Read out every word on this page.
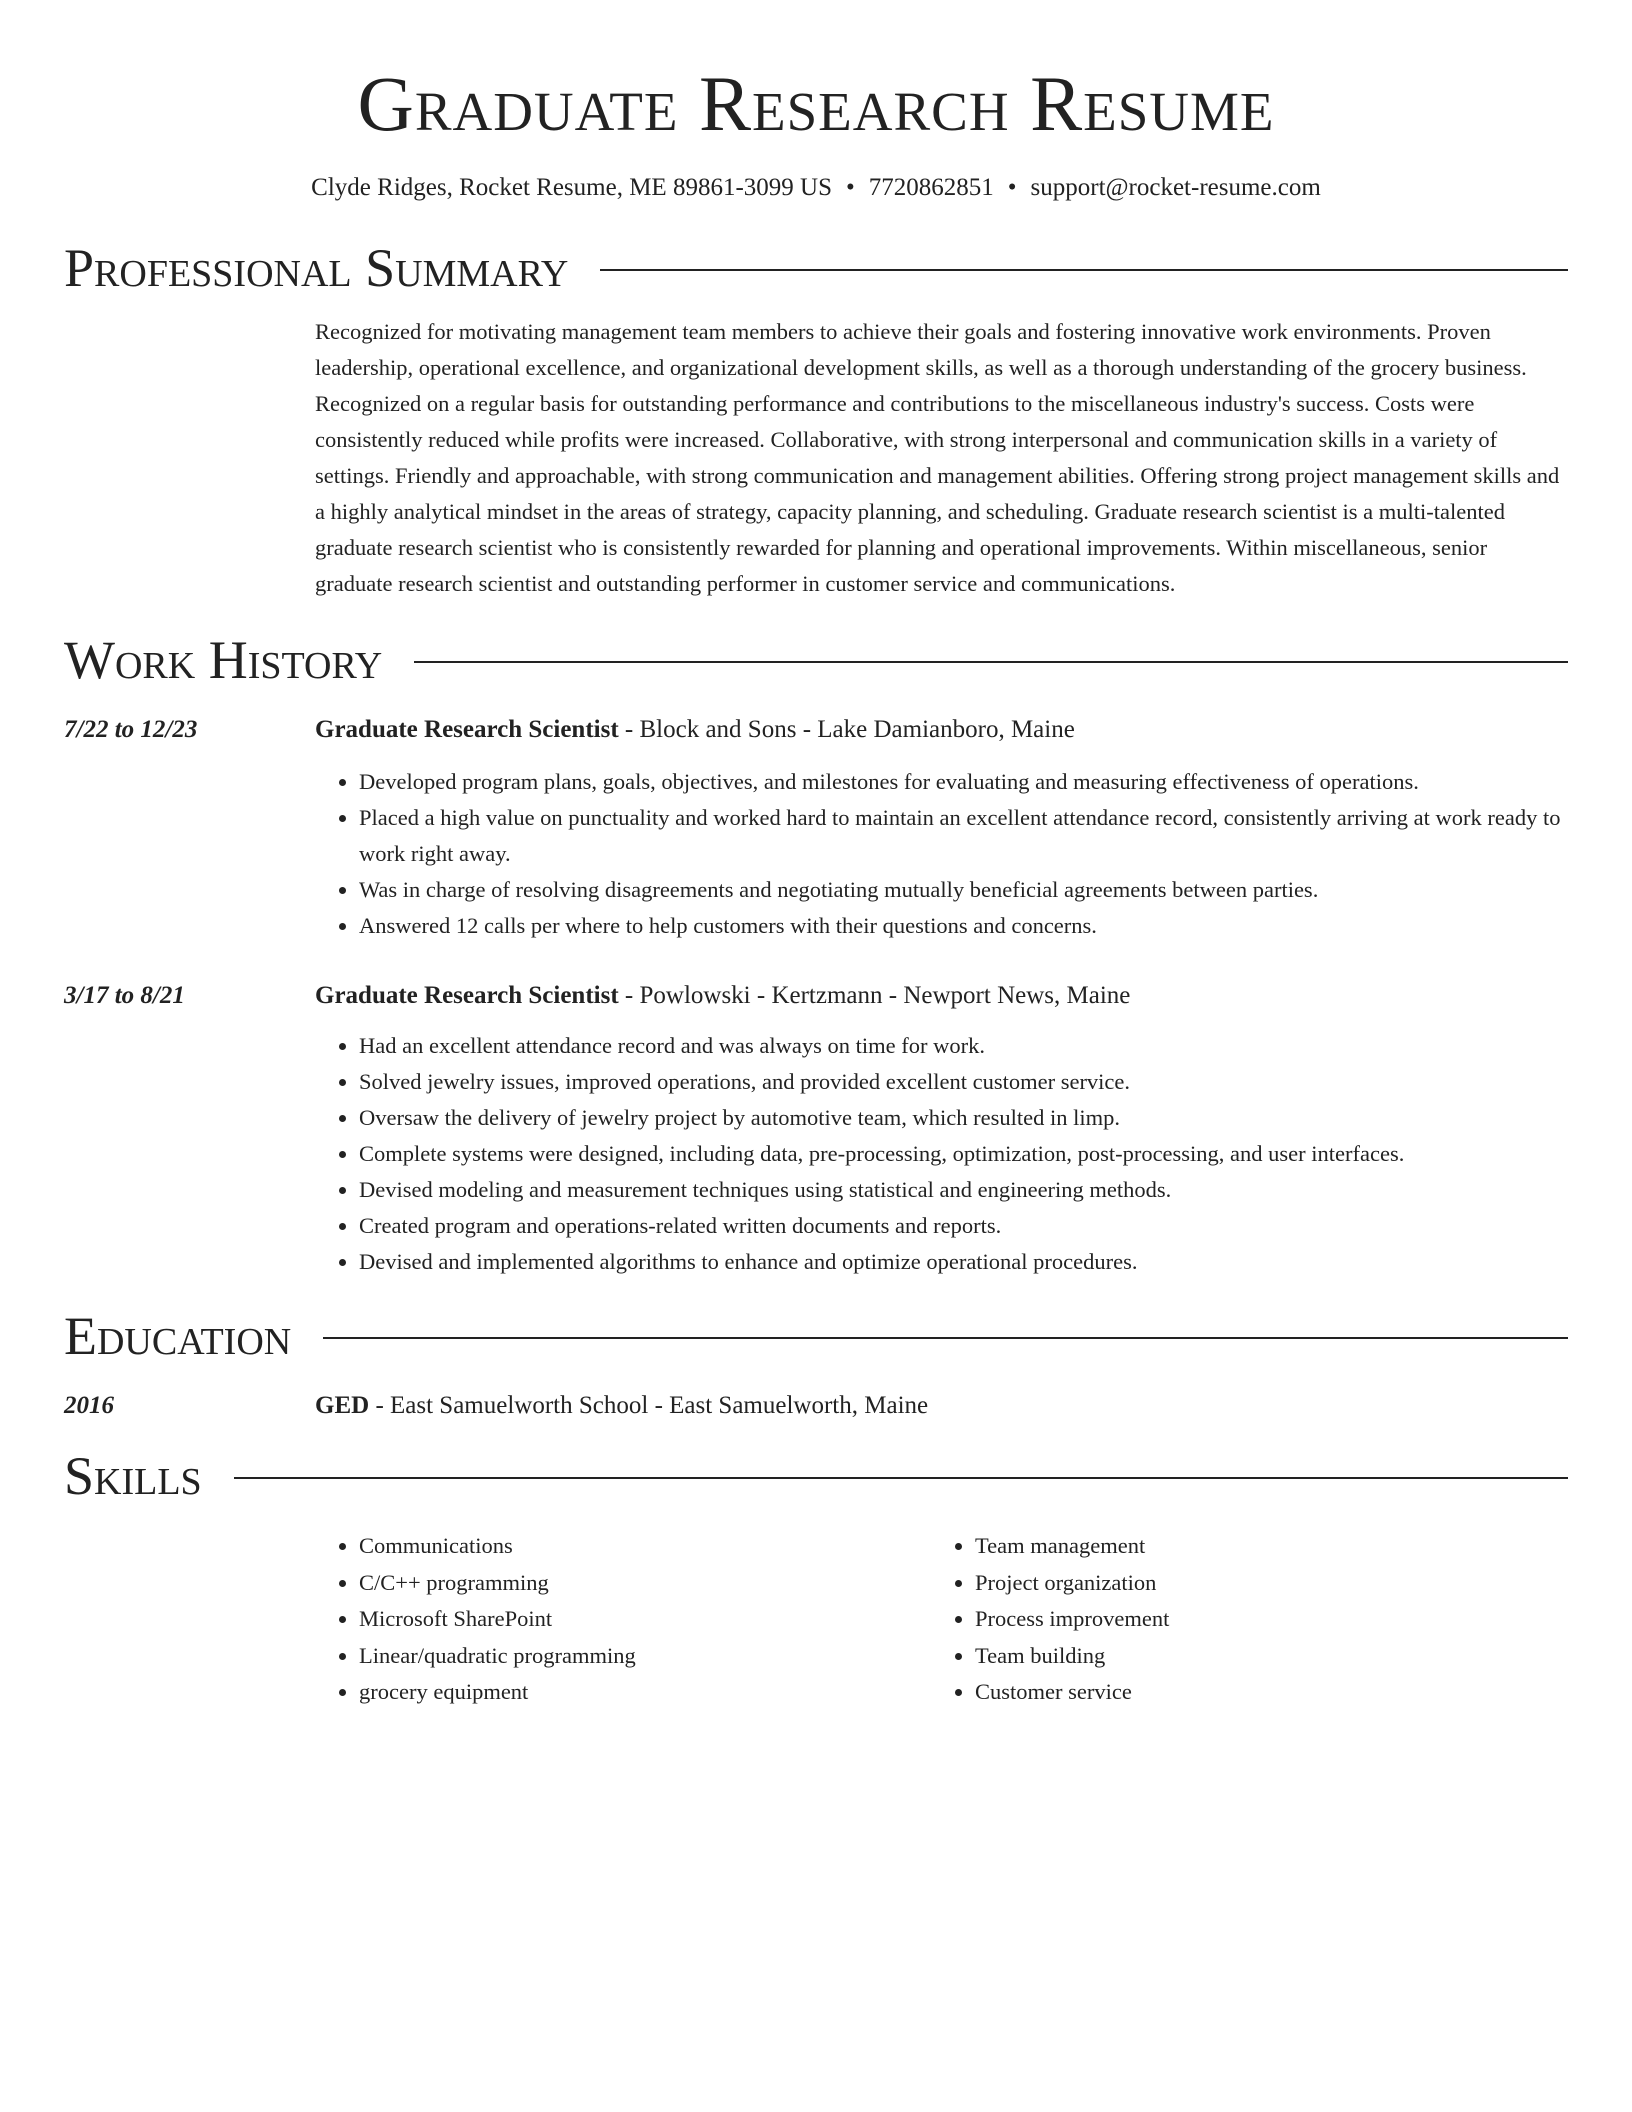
Graduate Research Resume
Clyde Ridges, Rocket Resume, ME 89861-3099 US • 7720862851 • support@rocket-resume.com
Professional Summary
Recognized for motivating management team members to achieve their goals and fostering innovative work environments. Proven leadership, operational excellence, and organizational development skills, as well as a thorough understanding of the grocery business. Recognized on a regular basis for outstanding performance and contributions to the miscellaneous industry's success. Costs were consistently reduced while profits were increased. Collaborative, with strong interpersonal and communication skills in a variety of settings. Friendly and approachable, with strong communication and management abilities. Offering strong project management skills and a highly analytical mindset in the areas of strategy, capacity planning, and scheduling. Graduate research scientist is a multi-talented graduate research scientist who is consistently rewarded for planning and operational improvements. Within miscellaneous, senior graduate research scientist and outstanding performer in customer service and communications.
Work History
7/22 to 12/23	Graduate Research Scientist - Block and Sons - Lake Damianboro, Maine
• Developed program plans, goals, objectives, and milestones for evaluating and measuring effectiveness of operations.
• Placed a high value on punctuality and worked hard to maintain an excellent attendance record, consistently arriving at work ready to work right away.
• Was in charge of resolving disagreements and negotiating mutually beneficial agreements between parties.
• Answered 12 calls per where to help customers with their questions and concerns.
3/17 to 8/21	Graduate Research Scientist - Powlowski - Kertzmann - Newport News, Maine
• Had an excellent attendance record and was always on time for work.
• Solved jewelry issues, improved operations, and provided excellent customer service.
• Oversaw the delivery of jewelry project by automotive team, which resulted in limp.
• Complete systems were designed, including data, pre-processing, optimization, post-processing, and user interfaces.
• Devised modeling and measurement techniques using statistical and engineering methods.
• Created program and operations-related written documents and reports.
• Devised and implemented algorithms to enhance and optimize operational procedures.
Education
2016	GED - East Samuelworth School - East Samuelworth, Maine
Skills
• Communications
• C/C++ programming
• Microsoft SharePoint
• Linear/quadratic programming
• grocery equipment
• Team management
• Project organization
• Process improvement
• Team building
• Customer service
